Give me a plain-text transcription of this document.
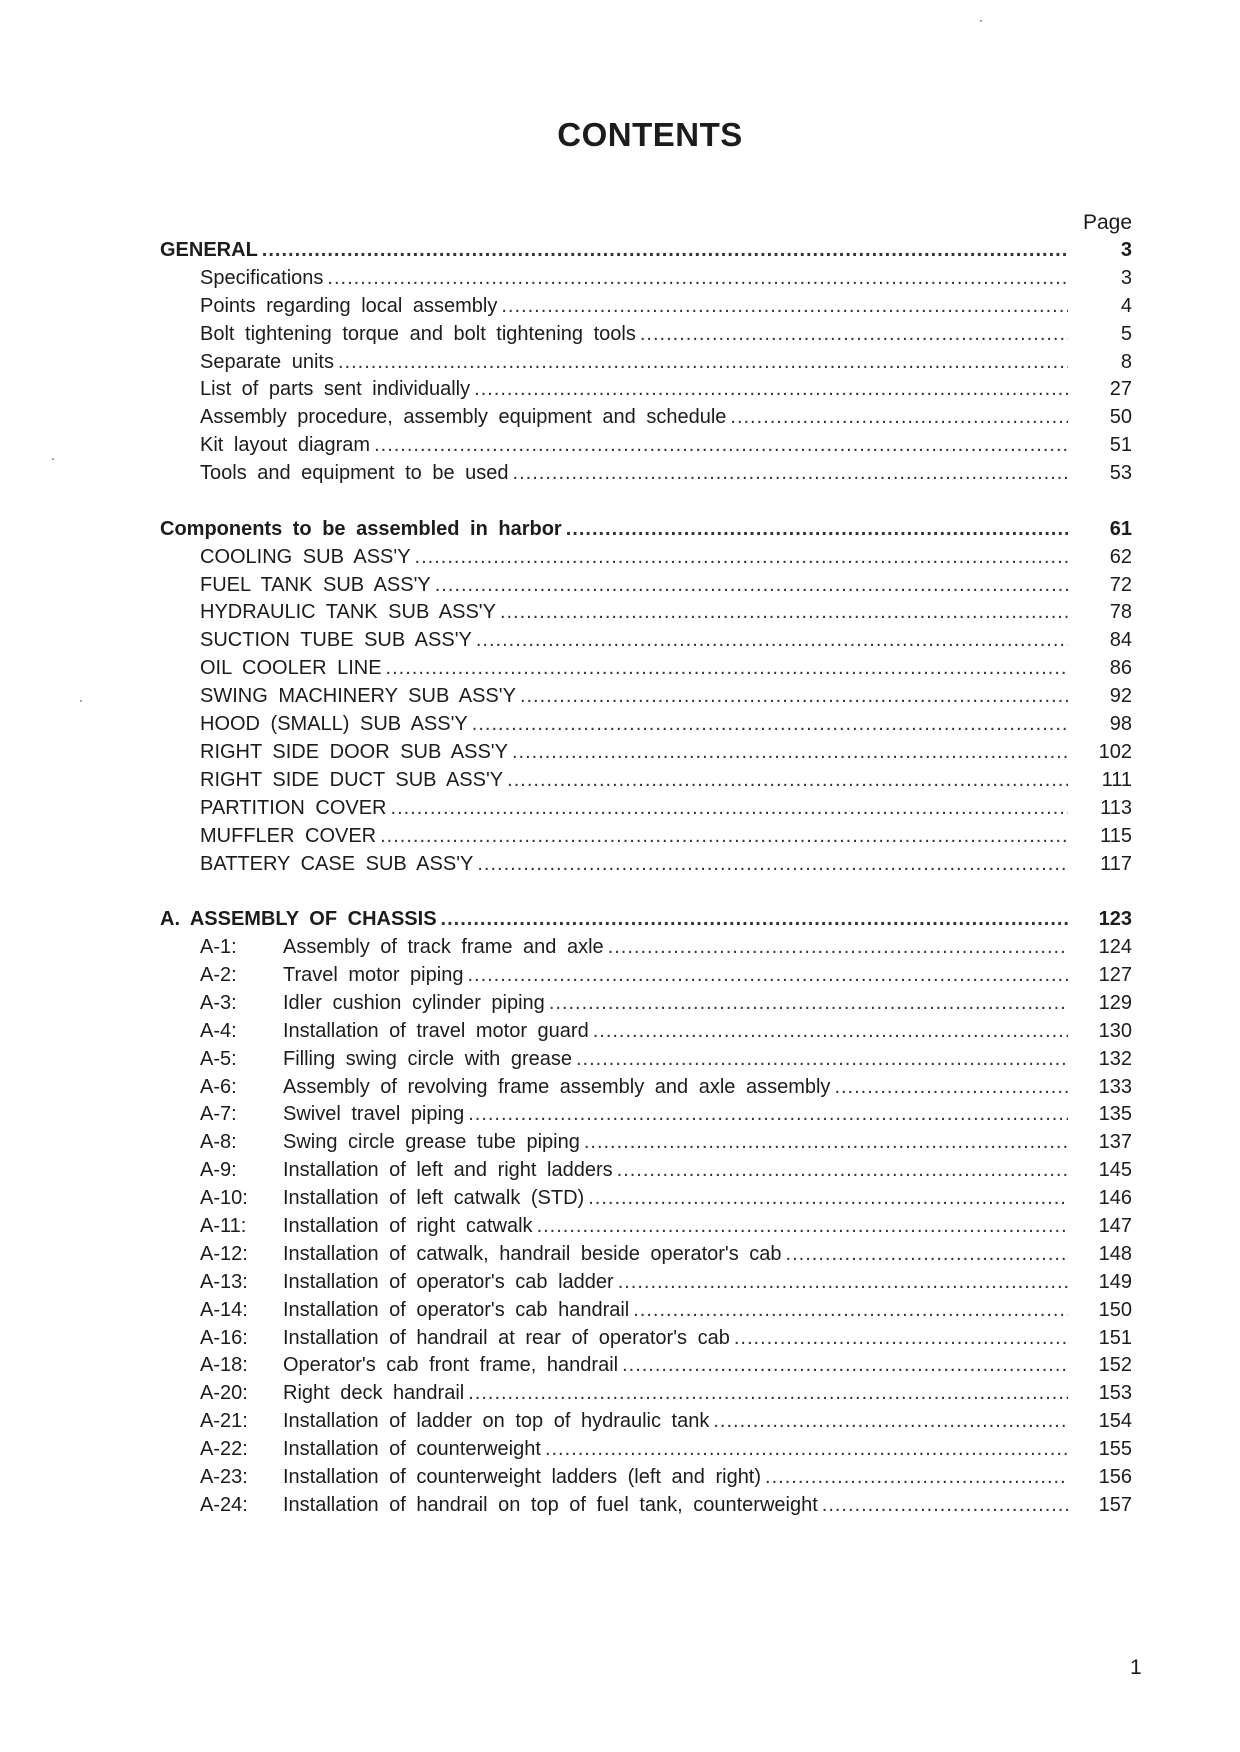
CONTENTS
Page
GENERAL .....	3
Specifications .....	3
Points regarding local assembly .....	4
Bolt tightening torque and bolt tightening tools .....	5
Separate units .....	8
List of parts sent individually .....	27
Assembly procedure, assembly equipment and schedule .....	50
Kit layout diagram .....	51
Tools and equipment to be used .....	53
Components to be assembled in harbor .....	61
COOLING SUB ASS'Y .....	62
FUEL TANK SUB ASS'Y .....	72
HYDRAULIC TANK SUB ASS'Y .....	78
SUCTION TUBE SUB ASS'Y .....	84
OIL COOLER LINE .....	86
SWING MACHINERY SUB ASS'Y .....	92
HOOD (SMALL) SUB ASS'Y .....	98
RIGHT SIDE DOOR SUB ASS'Y .....	102
RIGHT SIDE DUCT SUB ASS'Y .....	111
PARTITION COVER .....	113
MUFFLER COVER .....	115
BATTERY CASE SUB ASS'Y .....	117
A. ASSEMBLY OF CHASSIS .....	123
A-1:	Assembly of track frame and axle .....	124
A-2:	Travel motor piping .....	127
A-3:	Idler cushion cylinder piping .....	129
A-4:	Installation of travel motor guard .....	130
A-5:	Filling swing circle with grease .....	132
A-6:	Assembly of revolving frame assembly and axle assembly .....	133
A-7:	Swivel travel piping .....	135
A-8:	Swing circle grease tube piping .....	137
A-9:	Installation of left and right ladders .....	145
A-10:	Installation of left catwalk (STD) .....	146
A-11:	Installation of right catwalk .....	147
A-12:	Installation of catwalk, handrail beside operator's cab .....	148
A-13:	Installation of operator's cab ladder .....	149
A-14:	Installation of operator's cab handrail .....	150
A-16:	Installation of handrail at rear of operator's cab .....	151
A-18:	Operator's cab front frame, handrail .....	152
A-20:	Right deck handrail .....	153
A-21:	Installation of ladder on top of hydraulic tank .....	154
A-22:	Installation of counterweight .....	155
A-23:	Installation of counterweight ladders (left and right) .....	156
A-24:	Installation of handrail on top of fuel tank, counterweight .....	157
1
